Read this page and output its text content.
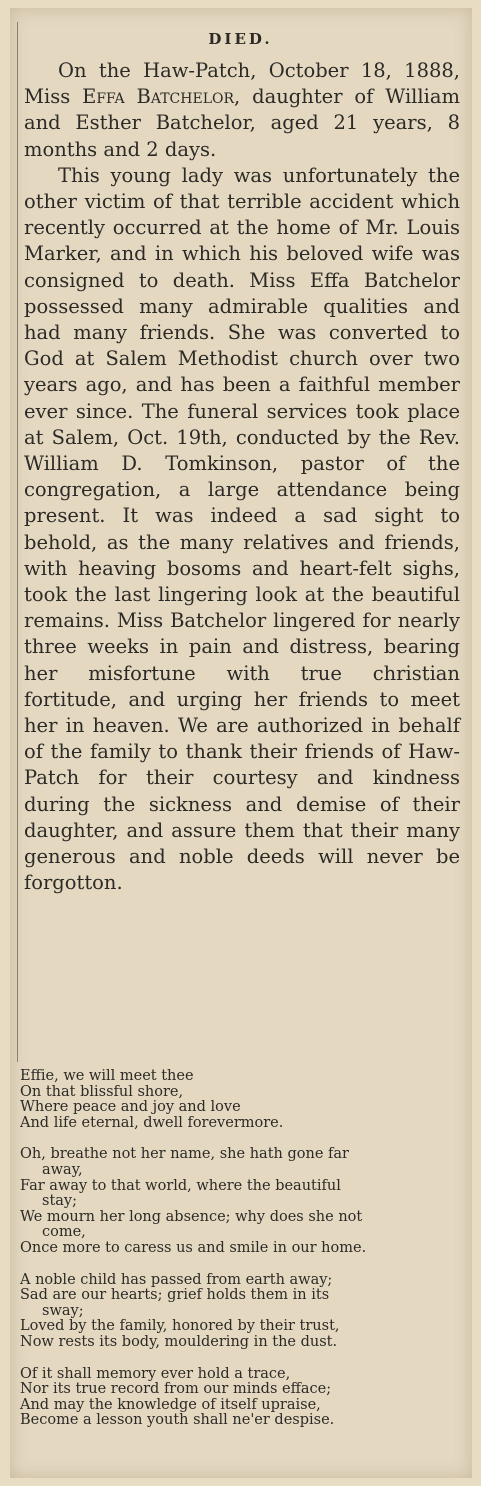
DIED.

On the Haw-Patch, October 18, 1888, Miss Effa Batchelor, daughter of William and Esther Batchelor, aged 21 years, 8 months and 2 days.

This young lady was unfortunately the other victim of that terrible accident which recently occurred at the home of Mr. Louis Marker, and in which his beloved wife was consigned to death. Miss Effa Batchelor possessed many admirable qualities and had many friends. She was converted to God at Salem Methodist church over two years ago, and has been a faithful member ever since. The funeral services took place at Salem, Oct. 19th, conducted by the Rev. William D. Tomkinson, pastor of the congregation, a large attendance being present. It was indeed a sad sight to behold, as the many relatives and friends, with heaving bosoms and heart-felt sighs, took the last lingering look at the beautiful remains. Miss Batchelor lingered for nearly three weeks in pain and distress, bearing her misfortune with true christian fortitude, and urging her friends to meet her in heaven. We are authorized in behalf of the family to thank their friends of Haw-Patch for their courtesy and kindness during the sickness and demise of their daughter, and assure them that their many generous and noble deeds will never be forgotton.

Effie, we will meet thee
On that blissful shore,
Where peace and joy and love
And life eternal, dwell forevermore.
Oh, breathe not her name, she hath gone far
away,
Far away to that world, where the beautiful
stay;
We mourn her long absence; why does she not
come,
Once more to caress us and smile in our home.
A noble child has passed from earth away;
Sad are our hearts; grief holds them in its
sway;
Loved by the family, honored by their trust,
Now rests its body, mouldering in the dust.
Of it shall memory ever hold a trace,
Nor its true record from our minds efface;
And may the knowledge of itself upraise,
Become a lesson youth shall ne'er despise.
